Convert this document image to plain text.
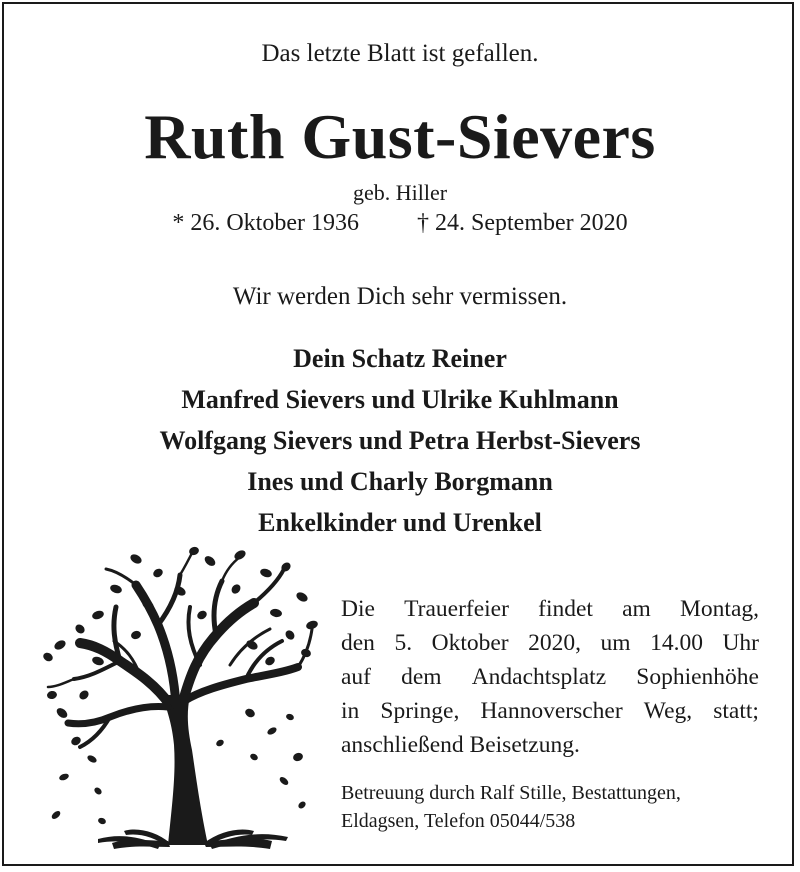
Das letzte Blatt ist gefallen.
Ruth Gust-Sievers
geb. Hiller
* 26. Oktober 1936 † 24. September 2020
Wir werden Dich sehr vermissen.
Dein Schatz Reiner
Manfred Sievers und Ulrike Kuhlmann
Wolfgang Sievers und Petra Herbst-Sievers
Ines und Charly Borgmann
Enkelkinder und Urenkel
Die Trauerfeier findet am Montag,
den 5. Oktober 2020, um 14.00 Uhr
auf dem Andachtsplatz Sophienhöhe
in Springe, Hannoverscher Weg, statt;
anschließend Beisetzung.
Betreuung durch Ralf Stille, Bestattungen,
Eldagsen, Telefon 05044/538
